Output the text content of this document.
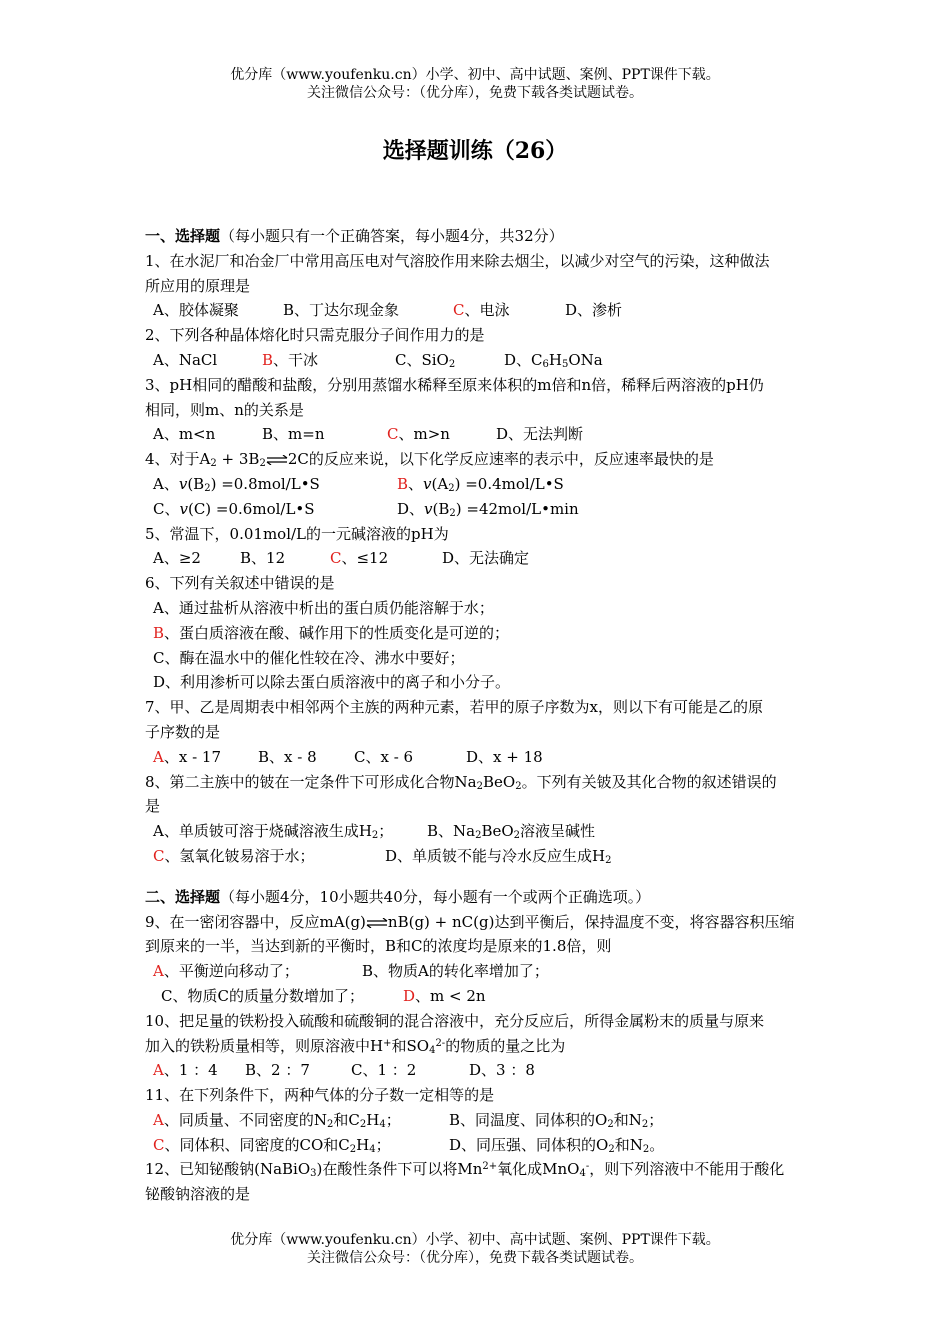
优分库（www.youfenku.cn）小学、初中、高中试题、案例、PPT课件下载。
关注微信公众号：（优分库），免费下载各类试题试卷。
选择题训练（26）

一、选择题（每小题只有一个正确答案，每小题4分，共32分）

1、在水泥厂和冶金厂中常用高压电对气溶胶作用来除去烟尘，以减少对空气的污染，这种做法

所应用的原理是

A、胶体凝聚	B、丁达尔现金象	C、电泳	D、渗析

2、下列各种晶体熔化时只需克服分子间作用力的是

A、NaCl	B、干冰	C、SiO$_2$	D、$C_6H_5ONa$

3、pH相同的醋酸和盐酸，分别用蒸馏水稀释至原来体积的m倍和n倍，稀释后两溶液的pH仍

相同，则m、n的关系是

A、m<n	B、m=n	C、m>n	D、无法判断

4、对于$A_2$ + $3B_2\rightleftharpoons 2C$的反应来说，以下化学反应速率的表示中，反应速率最快的是

A、$v(B_2)$ =0.8mol/L•S	B、$v(A_2)$ =0.4mol/L•S

C、v(C) =0.6mol/L•S	D、$v(B_2)$ =42mol/L•min

5、常温下，0.01mol/L的一元碱溶液的pH为

A、≥2	B、12	C、≤12	D、无法确定

6、下列有关叙述中错误的是

A、通过盐析从溶液中析出的蛋白质仍能溶解于水；

B、蛋白质溶液在酸、碱作用下的性质变化是可逆的；

C、酶在温水中的催化性较在冷、沸水中要好；

D、利用渗析可以除去蛋白质溶液中的离子和小分子。

7、甲、乙是周期表中相邻两个主族的两种元素，若甲的原子序数为x，则以下有可能是乙的原

子序数的是

A、x - 17 B、x - 8 C、x - 6	D、x + 18

8、第二主族中的铍在一定条件下可形成化合物$Na_2BeO_2$。下列有关铍及其化合物的叙述错误的

是

A、单质铍可溶于烧碱溶液生成$H_2$； B、$Na_2BeO_2$溶液呈碱性

C、氢氧化铍易溶于水；	D、单质铍不能与冷水反应生成$H_2$

二、选择题（每小题4分，10小题共40分，每小题有一个或两个正确选项。）

9、在一密闭容器中，反应mA(g)⇌nB(g) + nC(g)达到平衡后，保持温度不变，将容器容积压缩

到原来的一半，当达到新的平衡时，B和C的浓度均是原来的1.8倍，则

A、平衡逆向移动了；	B、物质A的转化率增加了；

C、物质C的质量分数增加了；	D、m < 2n

10、把足量的铁粉投入硫酸和硫酸铜的混合溶液中，充分反应后，所得金属粉末的质量与原来

加入的铁粉质量相等，则原溶液中H+和$SO_4^{2-}$的物质的量之比为

A、1 ：4 B、2 ：7	C、1 ：2	D、3 ：8

11、在下列条件下，两种气体的分子数一定相等的是

A、同质量、不同密度的$N_2$和$C_2H_4$；	B、同温度、同体积的$O_2$和$N_2$；

C、同体积、同密度的CO和$C_2H_4$；	D、同压强、同体积的$O_2$和$N_2$。

12、已知铋酸钠(NaBiO$_3$)在酸性条件下可以将$Mn^{2+}$氧化成MnO$_4$-，则下列溶液中不能用于酸化

铋酸钠溶液的是

优分库（www.youfenku.cn）小学、初中、高中试题、案例、PPT课件下载。
关注微信公众号：（优分库），免费下载各类试题试卷。
